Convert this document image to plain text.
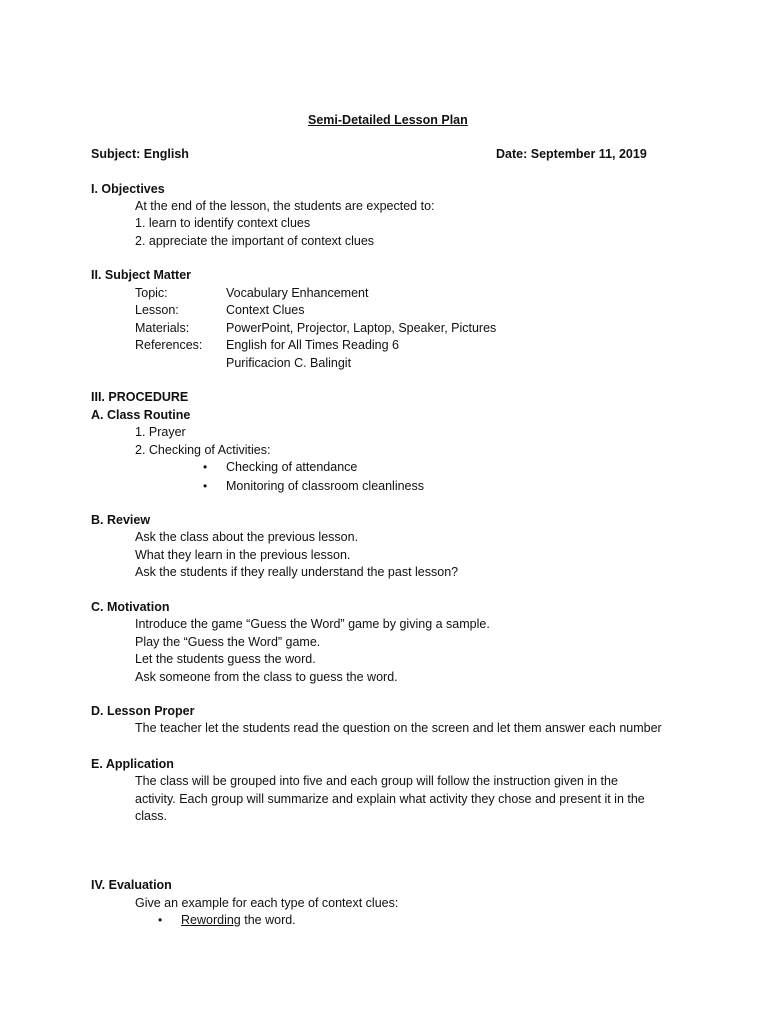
Semi-Detailed Lesson Plan
Subject: English	Date: September 11, 2019
I. Objectives
At the end of the lesson, the students are expected to:
1. learn to identify context clues
2. appreciate the important of context clues
II. Subject Matter
Topic:	Vocabulary Enhancement
Lesson:	Context Clues
Materials:	PowerPoint, Projector, Laptop, Speaker, Pictures
References: English for All Times Reading 6
Purificacion C. Balingit
III. PROCEDURE
A. Class Routine
1. Prayer
2. Checking of Activities:
• Checking of attendance
• Monitoring of classroom cleanliness
B. Review
Ask the class about the previous lesson.
What they learn in the previous lesson.
Ask the students if they really understand the past lesson?
C. Motivation
Introduce the game “Guess the Word” game by giving a sample.
Play the “Guess the Word” game.
Let the students guess the word.
Ask someone from the class to guess the word.
D. Lesson Proper
The teacher let the students read the question on the screen and let them answer each number
E. Application
The class will be grouped into five and each group will follow the instruction given in the
activity. Each group will summarize and explain what activity they chose and present it in the
class.
IV. Evaluation
Give an example for each type of context clues:
• Rewording the word.
